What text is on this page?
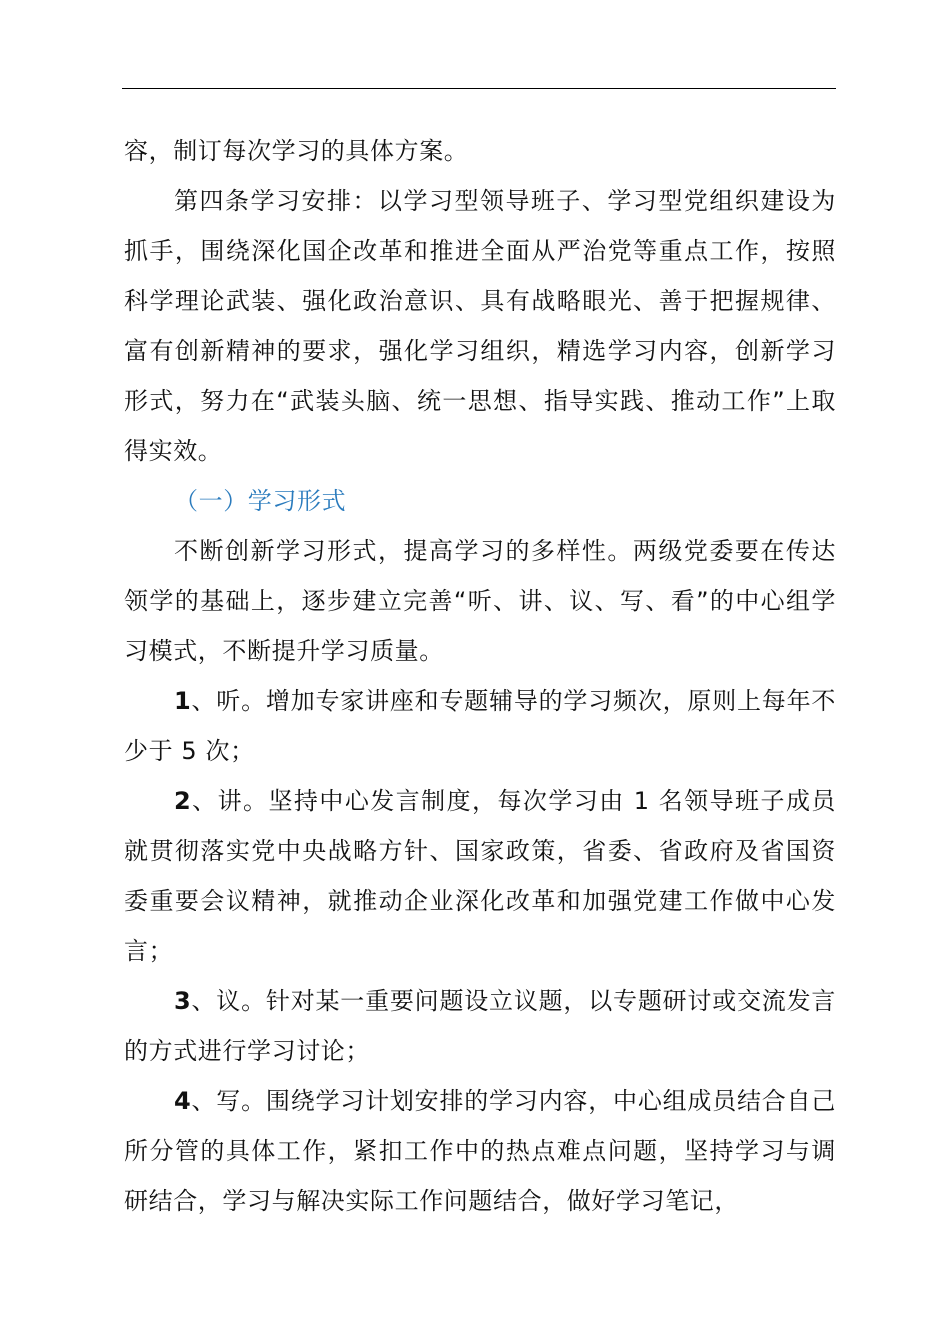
容，制订每次学习的具体方案。

第四条学习安排：以学习型领导班子、学习型党组织建设为抓手，围绕深化国企改革和推进全面从严治党等重点工作，按照科学理论武装、强化政治意识、具有战略眼光、善于把握规律、富有创新精神的要求，强化学习组织，精选学习内容，创新学习形式，努力在“武装头脑、统一思想、指导实践、推动工作”上取得实效。

（一）学习形式

不断创新学习形式，提高学习的多样性。两级党委要在传达领学的基础上，逐步建立完善“听、讲、议、写、看”的中心组学习模式，不断提升学习质量。

1、听。增加专家讲座和专题辅导的学习频次，原则上每年不少于 5 次；

2、讲。坚持中心发言制度，每次学习由 1 名领导班子成员就贯彻落实党中央战略方针、国家政策，省委、省政府及省国资委重要会议精神，就推动企业深化改革和加强党建工作做中心发言；

3、议。针对某一重要问题设立议题，以专题研讨或交流发言的方式进行学习讨论；

4、写。围绕学习计划安排的学习内容，中心组成员结合自己所分管的具体工作，紧扣工作中的热点难点问题，坚持学习与调研结合，学习与解决实际工作问题结合，做好学习笔记，
